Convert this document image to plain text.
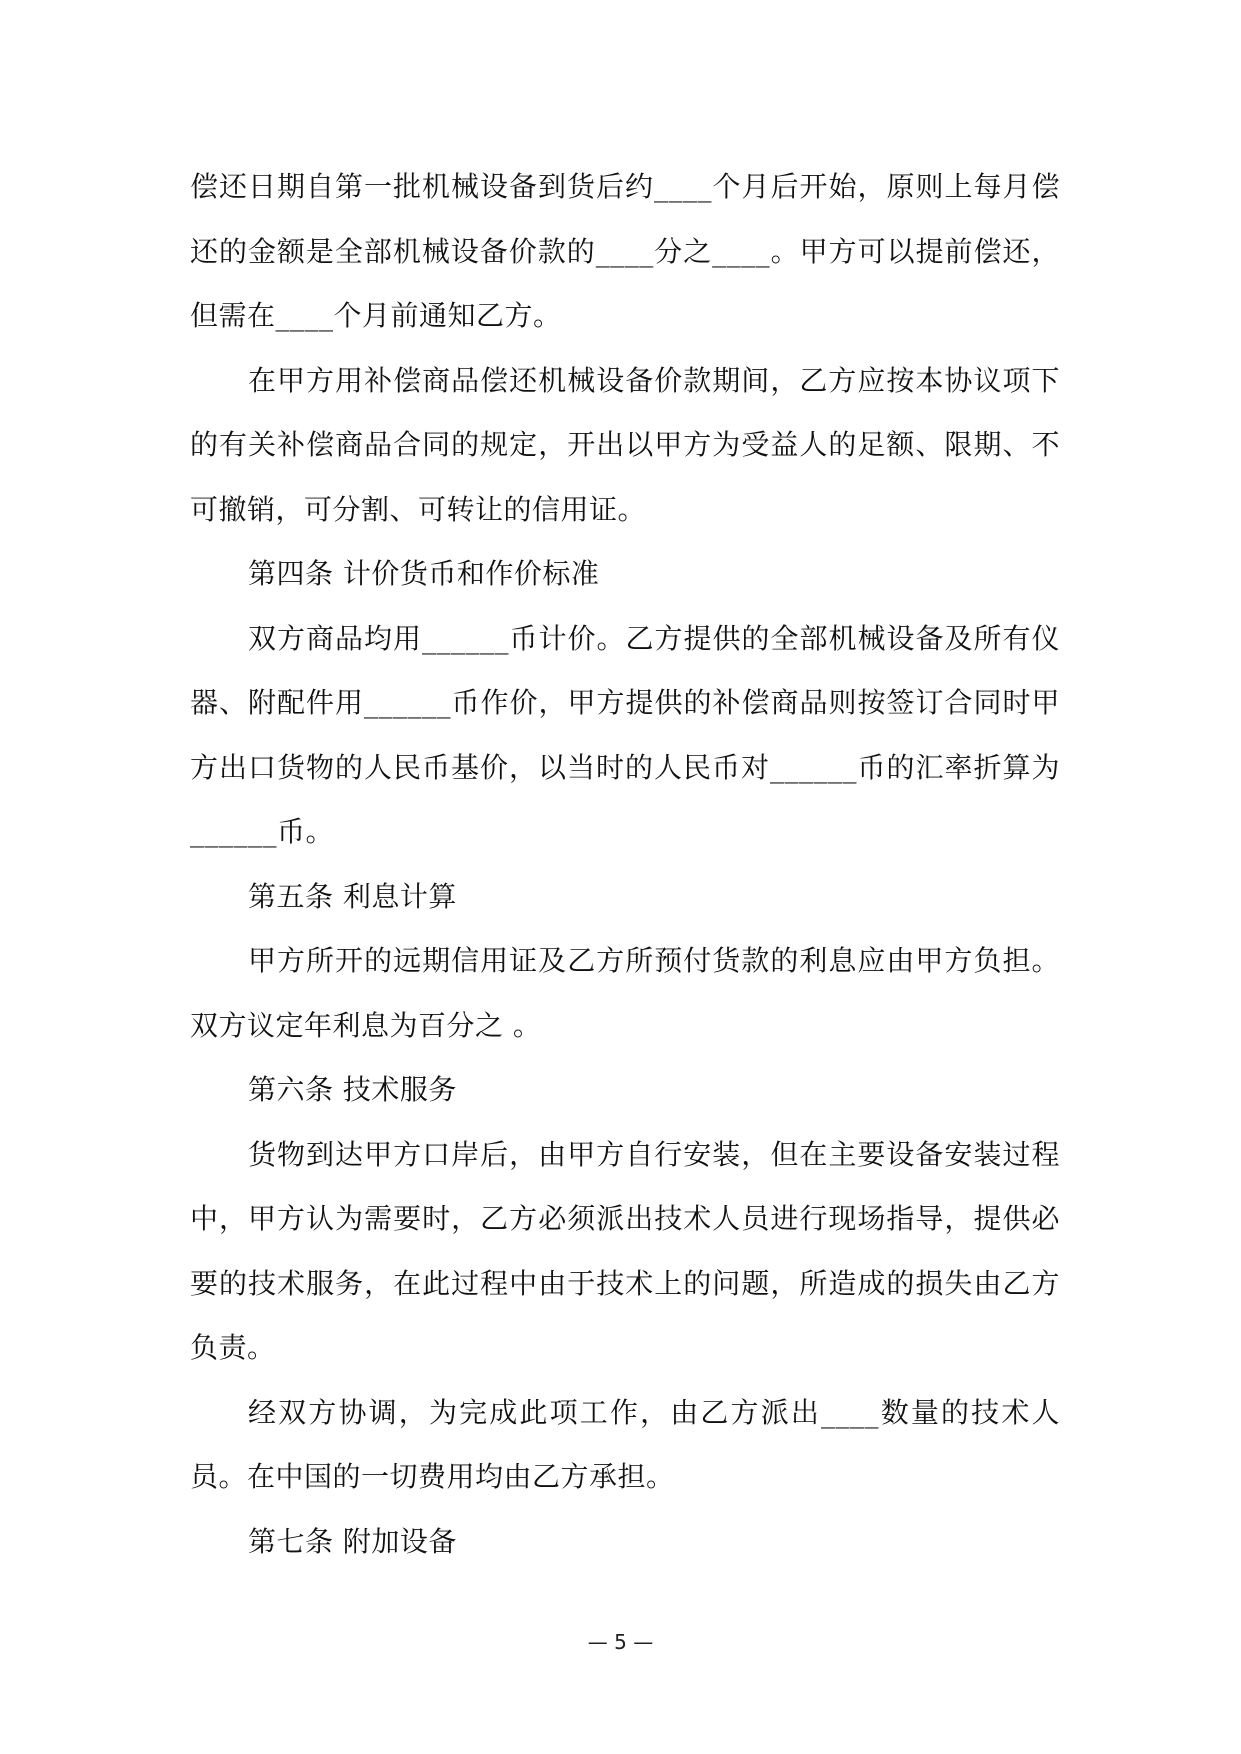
偿还日期自第一批机械设备到货后约____个月后开始，原则上每月偿还的金额是全部机械设备价款的____分之____。甲方可以提前偿还，但需在____个月前通知乙方。

在甲方用补偿商品偿还机械设备价款期间，乙方应按本协议项下的有关补偿商品合同的规定，开出以甲方为受益人的足额、限期、不可撤销，可分割、可转让的信用证。

第四条 计价货币和作价标准

双方商品均用______币计价。乙方提供的全部机械设备及所有仪器、附配件用______币作价，甲方提供的补偿商品则按签订合同时甲方出口货物的人民币基价，以当时的人民币对______币的汇率折算为______币。

第五条 利息计算

甲方所开的远期信用证及乙方所预付货款的利息应由甲方负担。双方议定年利息为百分之 。

第六条 技术服务

货物到达甲方口岸后，由甲方自行安装，但在主要设备安装过程中，甲方认为需要时，乙方必须派出技术人员进行现场指导，提供必要的技术服务，在此过程中由于技术上的问题，所造成的损失由乙方负责。

经双方协调，为完成此项工作，由乙方派出____数量的技术人员。在中国的一切费用均由乙方承担。

第七条 附加设备

— 5 —
